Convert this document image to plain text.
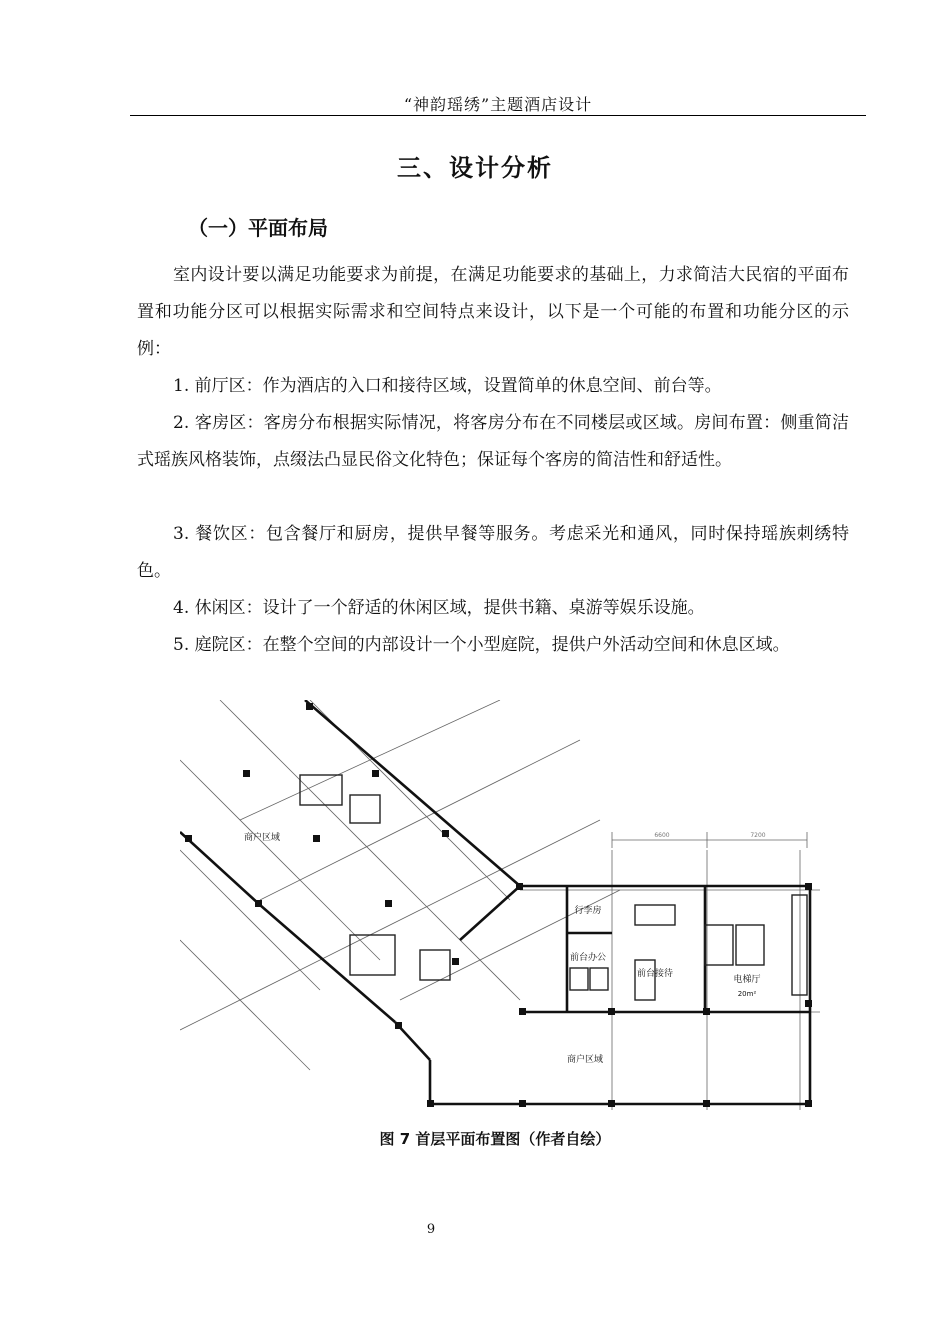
“神韵瑶绣”主题酒店设计
三、设计分析
（一）平面布局

室内设计要以满足功能要求为前提，在满足功能要求的基础上，力求简洁大民宿的平面布置和功能分区可以根据实际需求和空间特点来设计，以下是一个可能的布置和功能分区的示例：

1. 前厅区：作为酒店的入口和接待区域，设置简单的休息空间、前台等。

2. 客房区：客房分布根据实际情况，将客房分布在不同楼层或区域。房间布置：侧重简洁式瑶族风格装饰，点缀法凸显民俗文化特色；保证每个客房的简洁性和舒适性。

3. 餐饮区：包含餐厅和厨房，提供早餐等服务。考虑采光和通风，同时保持瑶族刺绣特色。

4. 休闲区：设计了一个舒适的休闲区域，提供书籍、桌游等娱乐设施。

5. 庭院区：在整个空间的内部设计一个小型庭院，提供户外活动空间和休息区域。

商户区域
行李房
前台办公
前台接待
电梯厅
20m²
商户区域
6600	7200
图 7 首层平面布置图（作者自绘）
9
